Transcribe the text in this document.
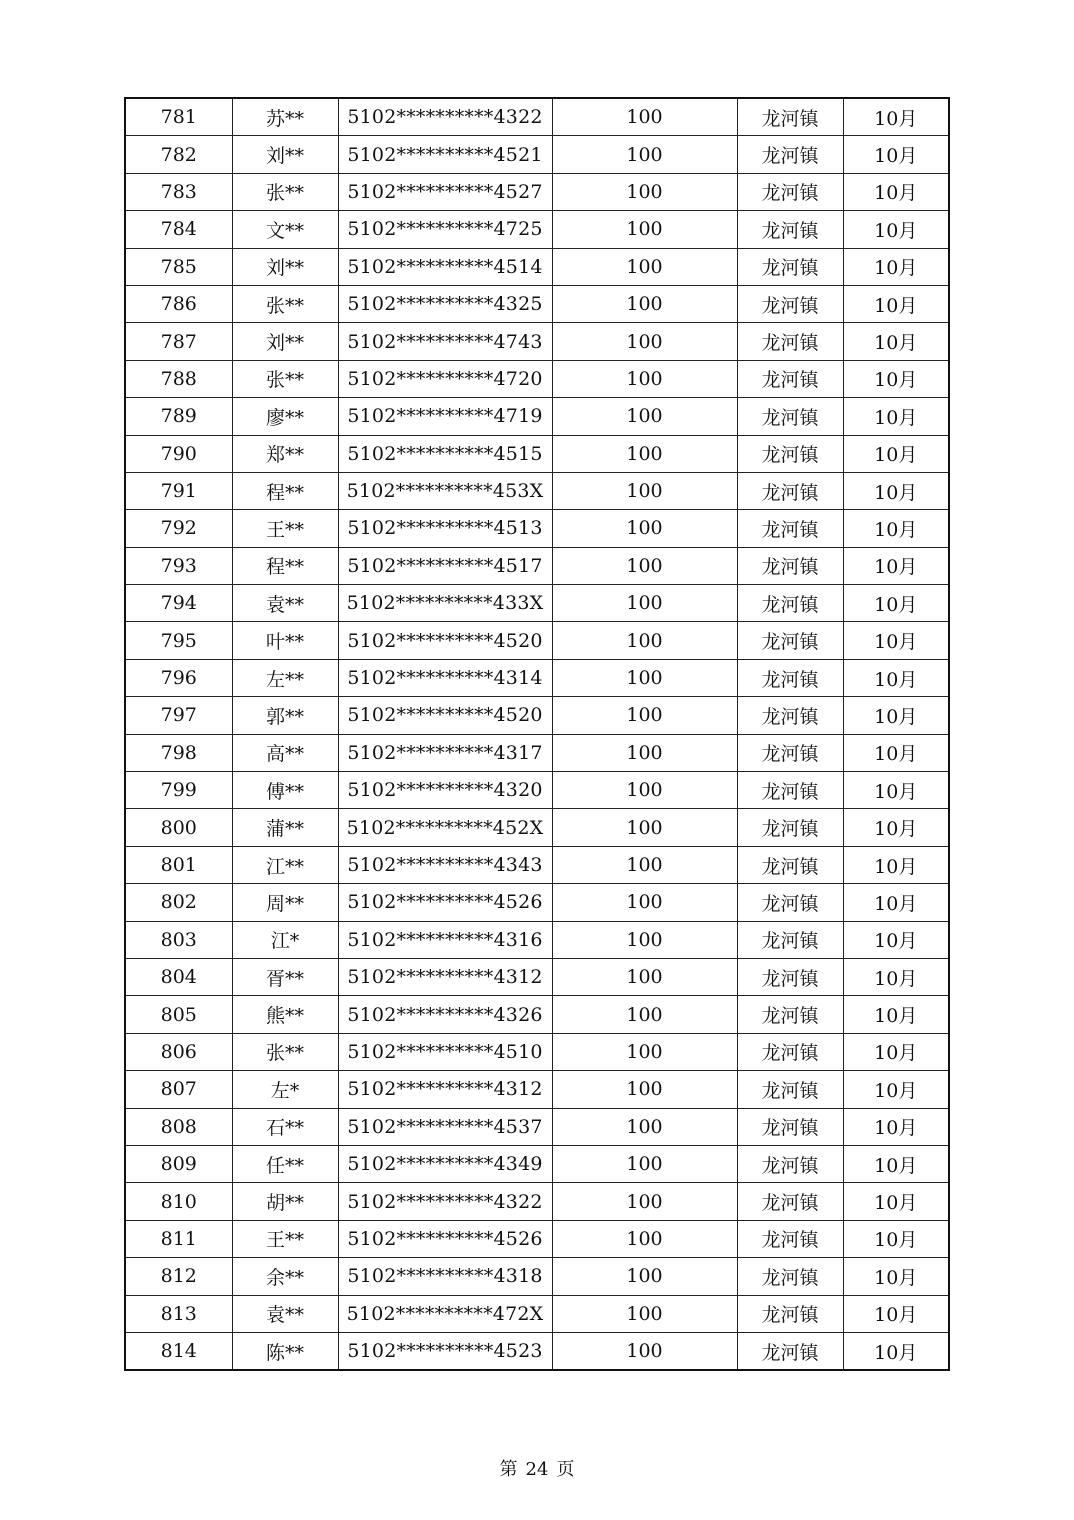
781	苏**	5102**********4322	100	龙河镇	10月
782	刘**	5102**********4521	100	龙河镇	10月
783	张**	5102**********4527	100	龙河镇	10月
784	文**	5102**********4725	100	龙河镇	10月
785	刘**	5102**********4514	100	龙河镇	10月
786	张**	5102**********4325	100	龙河镇	10月
787	刘**	5102**********4743	100	龙河镇	10月
788	张**	5102**********4720	100	龙河镇	10月
789	廖**	5102**********4719	100	龙河镇	10月
790	郑**	5102**********4515	100	龙河镇	10月
791	程**	5102**********453X	100	龙河镇	10月
792	王**	5102**********4513	100	龙河镇	10月
793	程**	5102**********4517	100	龙河镇	10月
794	袁**	5102**********433X	100	龙河镇	10月
795	叶**	5102**********4520	100	龙河镇	10月
796	左**	5102**********4314	100	龙河镇	10月
797	郭**	5102**********4520	100	龙河镇	10月
798	高**	5102**********4317	100	龙河镇	10月
799	傅**	5102**********4320	100	龙河镇	10月
800	蒲**	5102**********452X	100	龙河镇	10月
801	江**	5102**********4343	100	龙河镇	10月
802	周**	5102**********4526	100	龙河镇	10月
803	江*	5102**********4316	100	龙河镇	10月
804	胥**	5102**********4312	100	龙河镇	10月
805	熊**	5102**********4326	100	龙河镇	10月
806	张**	5102**********4510	100	龙河镇	10月
807	左*	5102**********4312	100	龙河镇	10月
808	石**	5102**********4537	100	龙河镇	10月
809	任**	5102**********4349	100	龙河镇	10月
810	胡**	5102**********4322	100	龙河镇	10月
811	王**	5102**********4526	100	龙河镇	10月
812	余**	5102**********4318	100	龙河镇	10月
813	袁**	5102**********472X	100	龙河镇	10月
814	陈**	5102**********4523	100	龙河镇	10月
第 24 页
